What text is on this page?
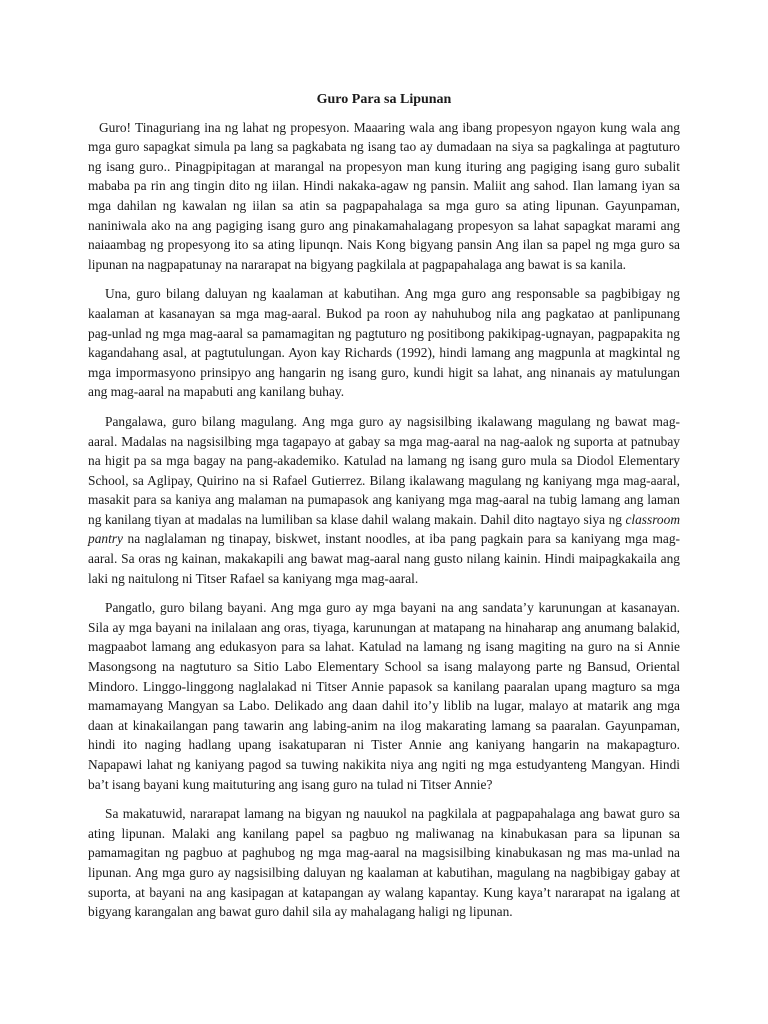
Guro Para sa Lipunan

Guro! Tinaguriang ina ng lahat ng propesyon. Maaaring wala ang ibang propesyon ngayon kung wala ang mga guro sapagkat simula pa lang sa pagkabata ng isang tao ay dumadaan na siya sa pagkalinga at pagtuturo ng isang guro.. Pinagpipitagan at marangal na propesyon man kung ituring ang pagiging isang guro subalit mababa pa rin ang tingin dito ng iilan. Hindi nakaka-agaw ng pansin. Maliit ang sahod. Ilan lamang iyan sa mga dahilan ng kawalan ng iilan sa atin sa pagpapahalaga sa mga guro sa ating lipunan. Gayunpaman, naniniwala ako na ang pagiging isang guro ang pinakamahalagang propesyon sa lahat sapagkat marami ang naiaambag ng propesyong ito sa ating lipunqn. Nais Kong bigyang pansin Ang ilan sa papel ng mga guro sa lipunan na nagpapatunay na nararapat na bigyang pagkilala at pagpapahalaga ang bawat is sa kanila.

Una, guro bilang daluyan ng kaalaman at kabutihan. Ang mga guro ang responsable sa pagbibigay ng kaalaman at kasanayan sa mga mag-aaral. Bukod pa roon ay nahuhubog nila ang pagkatao at panlipunang pag-unlad ng mga mag-aaral sa pamamagitan ng pagtuturo ng positibong pakikipag-ugnayan, pagpapakita ng kagandahang asal, at pagtutulungan. Ayon kay Richards (1992), hindi lamang ang magpunla at magkintal ng mga impormasyono prinsipyo ang hangarin ng isang guro, kundi higit sa lahat, ang ninanais ay matulungan ang mag-aaral na mapabuti ang kanilang buhay.

Pangalawa, guro bilang magulang. Ang mga guro ay nagsisilbing ikalawang magulang ng bawat mag-aaral. Madalas na nagsisilbing mga tagapayo at gabay sa mga mag-aaral na nag-aalok ng suporta at patnubay na higit pa sa mga bagay na pang-akademiko. Katulad na lamang ng isang guro mula sa Diodol Elementary School, sa Aglipay, Quirino na si Rafael Gutierrez. Bilang ikalawang magulang ng kaniyang mga mag-aaral, masakit para sa kaniya ang malaman na pumapasok ang kaniyang mga mag-aaral na tubig lamang ang laman ng kanilang tiyan at madalas na lumiliban sa klase dahil walang makain. Dahil dito nagtayo siya ng classroom pantry na naglalaman ng tinapay, biskwet, instant noodles, at iba pang pagkain para sa kaniyang mga mag-aaral. Sa oras ng kainan, makakapili ang bawat mag-aaral nang gusto nilang kainin. Hindi maipagkakaila ang laki ng naitulong ni Titser Rafael sa kaniyang mga mag-aaral.

Pangatlo, guro bilang bayani. Ang mga guro ay mga bayani na ang sandata’y karunungan at kasanayan. Sila ay mga bayani na inilalaan ang oras, tiyaga, karunungan at matapang na hinaharap ang anumang balakid, magpaabot lamang ang edukasyon para sa lahat. Katulad na lamang ng isang magiting na guro na si Annie Masongsong na nagtuturo sa Sitio Labo Elementary School sa isang malayong parte ng Bansud, Oriental Mindoro. Linggo-linggong naglalakad ni Titser Annie papasok sa kanilang paaralan upang magturo sa mga mamamayang Mangyan sa Labo. Delikado ang daan dahil ito’y liblib na lugar, malayo at matarik ang mga daan at kinakailangan pang tawarin ang labing-anim na ilog makarating lamang sa paaralan. Gayunpaman, hindi ito naging hadlang upang isakatuparan ni Tister Annie ang kaniyang hangarin na makapagturo. Napapawi lahat ng kaniyang pagod sa tuwing nakikita niya ang ngiti ng mga estudyanteng Mangyan. Hindi ba’t isang bayani kung maituturing ang isang guro na tulad ni Titser Annie?

Sa makatuwid, nararapat lamang na bigyan ng nauukol na pagkilala at pagpapahalaga ang bawat guro sa ating lipunan. Malaki ang kanilang papel sa pagbuo ng maliwanag na kinabukasan para sa lipunan sa pamamagitan ng pagbuo at paghubog ng mga mag-aaral na magsisilbing kinabukasan ng mas ma-unlad na lipunan. Ang mga guro ay nagsisilbing daluyan ng kaalaman at kabutihan, magulang na nagbibigay gabay at suporta, at bayani na ang kasipagan at katapangan ay walang kapantay. Kung kaya’t nararapat na igalang at bigyang karangalan ang bawat guro dahil sila ay mahalagang haligi ng lipunan.
